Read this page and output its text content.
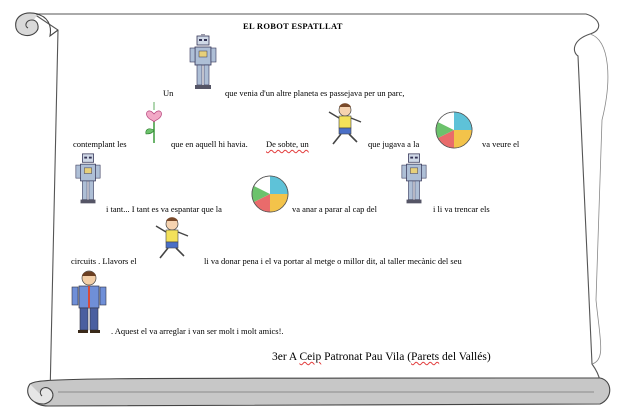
EL ROBOT ESPATLLAT
Un	que venia d'un altre planeta es passejava per un parc,
contemplant les	que en aquell hi havia. De sobte, un	que jugava a la	va veure el
i tant... I tant es va espantar que la	va anar a parar al cap del	i li va trencar els
circuits . Llavors el	li va donar pena i el va portar al metge o millor dit, al taller mecànic del seu
. Aquest el va arreglar i van ser molt i molt amics!.
3er A Ceip Patronat Pau Vila (Parets del Vallés)
